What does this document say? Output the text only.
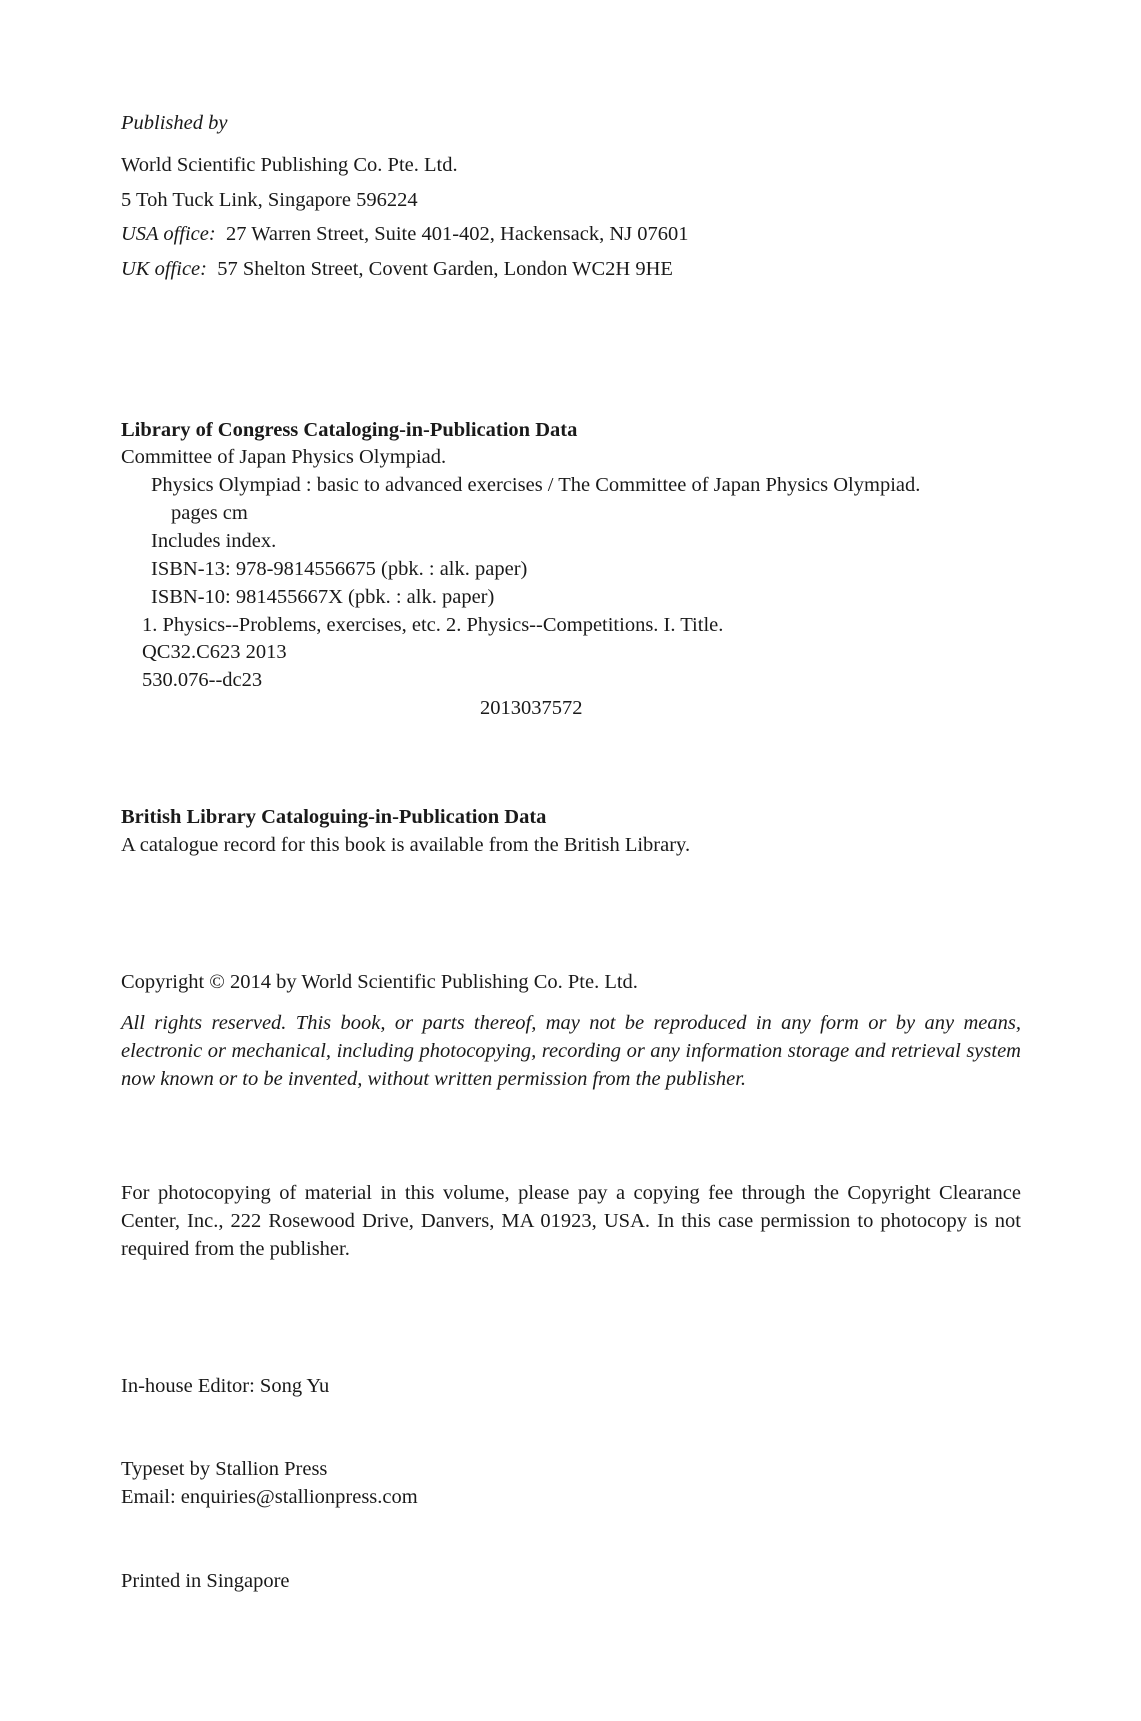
Published by
World Scientific Publishing Co. Pte. Ltd.
5 Toh Tuck Link, Singapore 596224
USA office: 27 Warren Street, Suite 401-402, Hackensack, NJ 07601
UK office: 57 Shelton Street, Covent Garden, London WC2H 9HE
Library of Congress Cataloging-in-Publication Data
Committee of Japan Physics Olympiad.
Physics Olympiad : basic to advanced exercises / The Committee of Japan Physics Olympiad.
pages cm
Includes index.
ISBN-13: 978-9814556675 (pbk. : alk. paper)
ISBN-10: 981455667X (pbk. : alk. paper)
1. Physics--Problems, exercises, etc. 2. Physics--Competitions. I. Title.
QC32.C623 2013
530.076--dc23
2013037572
British Library Cataloguing-in-Publication Data
A catalogue record for this book is available from the British Library.
Copyright © 2014 by World Scientific Publishing Co. Pte. Ltd.
All rights reserved. This book, or parts thereof, may not be reproduced in any form or by any means, electronic or mechanical, including photocopying, recording or any information storage and retrieval system now known or to be invented, without written permission from the publisher.
For photocopying of material in this volume, please pay a copying fee through the Copyright Clearance Center, Inc., 222 Rosewood Drive, Danvers, MA 01923, USA. In this case permission to photocopy is not required from the publisher.
In-house Editor: Song Yu
Typeset by Stallion Press
Email: enquiries@stallionpress.com
Printed in Singapore
